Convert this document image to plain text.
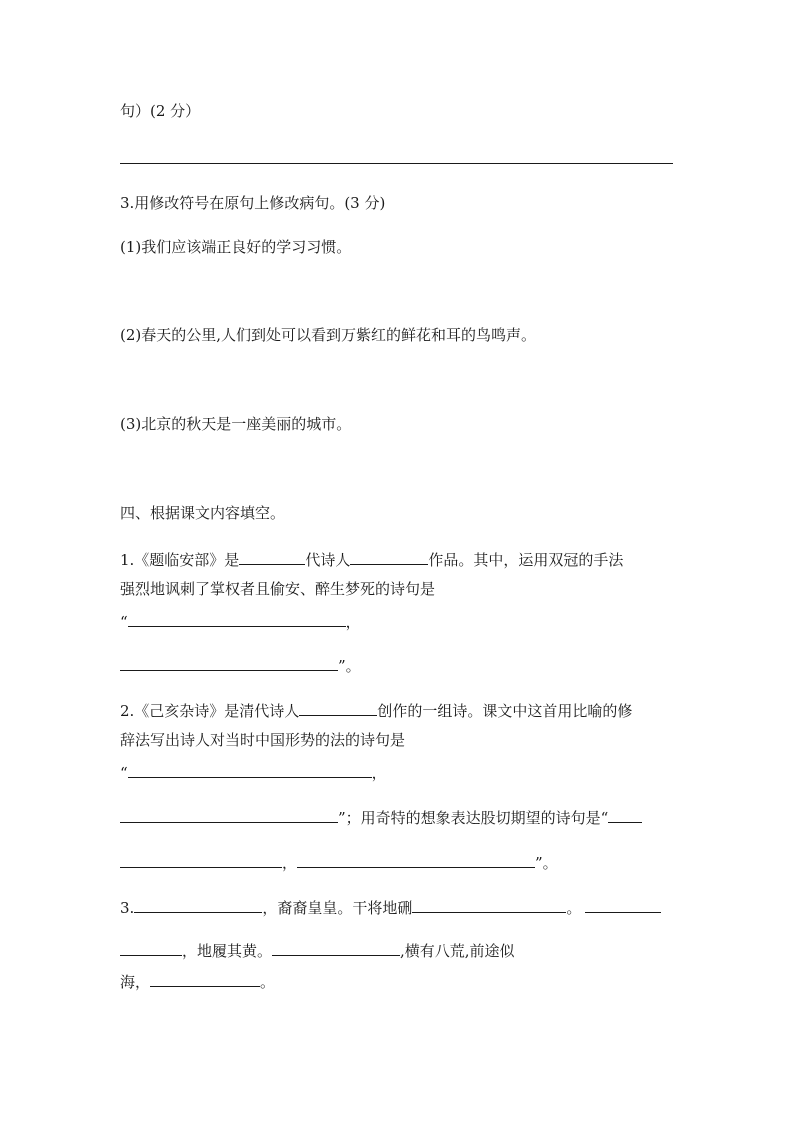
句）(2 分）
3.用修改符号在原句上修改病句。(3 分)
(1)我们应该端正良好的学习习惯。
(2)春天的公里,人们到处可以看到万紫红的鲜花和耳的鸟鸣声。
(3)北京的秋天是一座美丽的城市。
四、根据课文内容填空。
1.《题临安部》是	代诗人	作品。其中，运用双冠的手法
强烈地讽刺了掌权者且偷安、醉生梦死的诗句是
“	，
”。
2.《己亥杂诗》是清代诗人	创作的一组诗。课文中这首用比喻的修
辞法写出诗人对当时中国形势的法的诗句是
“	，
”；用奇特的想象表达股切期望的诗句是“
，	”。
3.	，裔裔皇皇。干将地硎	。
，地履其黄。	,横有八荒,前途似
海，	。
